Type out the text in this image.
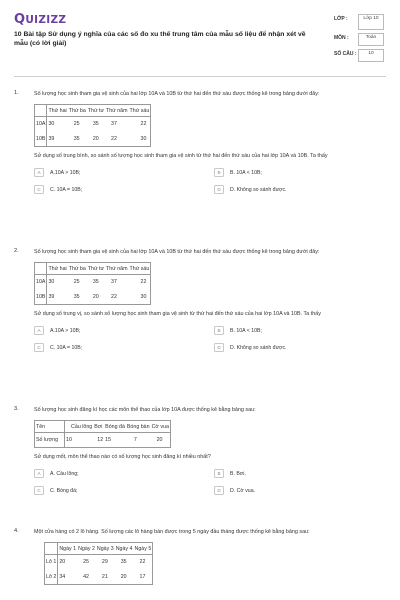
QUIZIZZ
10 Bài tập Sử dụng ý nghĩa của các số đo xu thế trung tâm của mẫu số liệu để nhận xét về mẫu (có lời giải)
LỚP :	Lớp 10
MÔN :	Toán
SỐ CÂU :	10
1.	Số lượng học sinh tham gia vệ sinh của hai lớp 10A và 10B từ thứ hai đến thứ sáu được thống kê trong bảng dưới đây:

	Thứ hai	Thứ ba	Thứ tư	Thứ năm	Thứ sáu
10A	30	25	35	37	22
10B	39	35	20	22	30

Sử dụng số trung bình, so sánh số lượng học sinh tham gia vệ sinh từ thứ hai đến thứ sáu của hai lớp 10A và 10B. Ta thấy

A	A.10A > 10B;	B	B. 10A < 10B;
C	C. 10A = 10B;	D	D. Không so sánh được.
2.	Số lượng học sinh tham gia vệ sinh của hai lớp 10A và 10B từ thứ hai đến thứ sáu được thống kê trong bảng dưới đây:

	Thứ hai	Thứ ba	Thứ tư	Thứ năm	Thứ sáu
10A	30	25	35	37	22
10B	39	35	20	22	30

Sử dụng số trung vị, so sánh số lượng học sinh tham gia vệ sinh từ thứ hai đến thứ sáu của hai lớp 10A và 10B. Ta thấy

A	A.10A > 10B;	B	B. 10A < 10B;
C	C. 10A = 10B;	D	D. Không so sánh được.
3.	Số lượng học sinh đăng kí học các môn thể thao của lớp 10A được thống kê bằng bảng sau:

Tên	Cầu lông	Bơi	Bóng đá	Bóng bàn	Cờ vua
Số lượng	10	12	15	7	20

Sử dụng mốt, môn thể thao nào có số lượng học sinh đăng kí nhiều nhất?

A	A. Cầu lông;	B	B. Bơi.
C	C. Bóng đá;	D	D. Cờ vua.
4.	Một cửa hàng có 2 lô hàng. Số lượng các lô hàng bán được trong 5 ngày đầu tháng được thống kê bằng bảng sau:

	Ngày 1	Ngày 2	Ngày 3	Ngày 4	Ngày 5
Lô 1	20	25	29	35	22
Lô 2	34	42	21	20	17
